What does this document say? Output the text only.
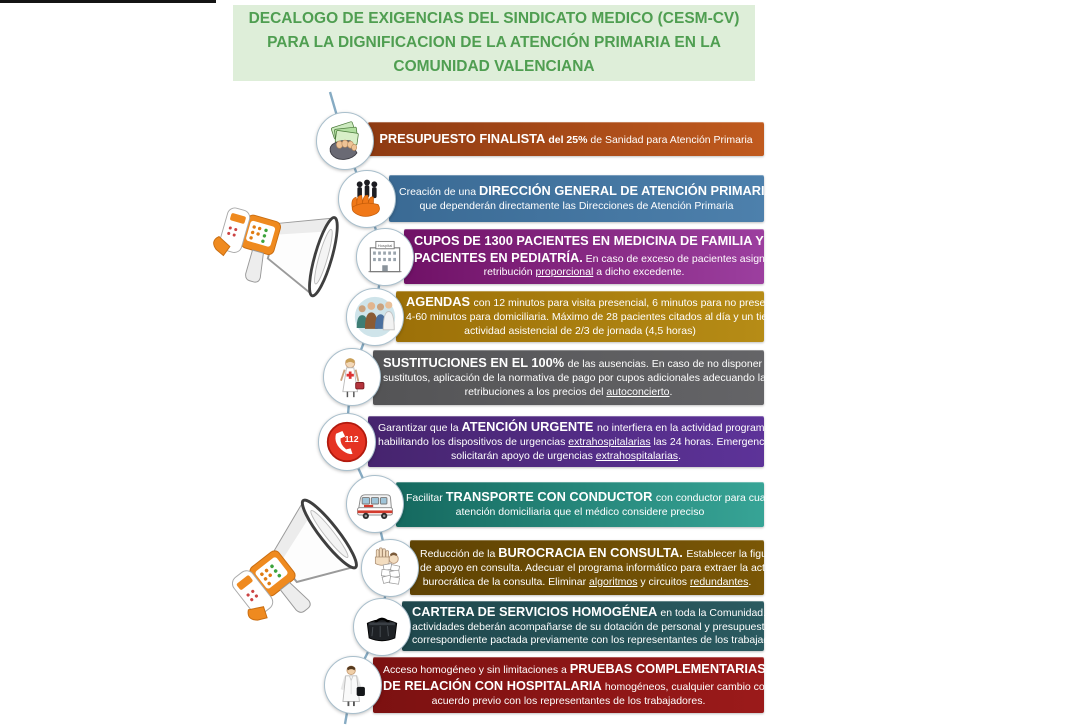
DECALOGO DE EXIGENCIAS DEL SINDICATO MEDICO (CESM-CV)
PARA LA DIGNIFICACION DE LA ATENCIÓN PRIMARIA EN LA
COMUNIDAD VALENCIANA
PRESUPUESTO FINALISTA del 25% de Sanidad para Atención Primaria
Creación de una DIRECCIÓN GENERAL DE ATENCIÓN PRIMARIA de la
que dependerán directamente las Direcciones de Atención Primaria
CUPOS DE 1300 PACIENTES EN MEDICINA DE FAMILIA Y 900
PACIENTES EN PEDIATRÍA. En caso de exceso de pacientes asignados,
retribución proporcional a dicho excedente.
Hospital
AGENDAS con 12 minutos para visita presencial, 6 minutos para no presenciales y
4-60 minutos para domiciliaria. Máximo de 28 pacientes citados al día y un tiempo de
actividad asistencial de 2/3 de jornada (4,5 horas)
SUSTITUCIONES EN EL 100% de las ausencias. En caso de no disponer de
sustitutos, aplicación de la normativa de pago por cupos adicionales adecuando las
retribuciones a los precios del autoconcierto.
Garantizar que la ATENCIÓN URGENTE no interfiera en la actividad programada,
habilitando los dispositivos de urgencias extrahospitalarias las 24 horas. Emergencias y 112
solicitarán apoyo de urgencias extrahospitalarias.
112
Facilitar TRANSPORTE CON CONDUCTOR con conductor para cualquier
atención domiciliaria que el médico considere preciso
Reducción de la BUROCRACIA EN CONSULTA. Establecer la figura del auxiliar
de apoyo en consulta. Adecuar el programa informático para extraer la actividad
burocrática de la consulta. Eliminar algoritmos y circuitos redundantes.
CARTERA DE SERVICIOS HOMOGÉNEA en toda la Comunidad. Todas las
actividades deberán acompañarse de su dotación de personal y presupuestaria
correspondiente pactada previamente con los representantes de los trabajadores.
Acceso homogéneo y sin limitaciones a PRUEBAS COMPLEMENTARIAS. CIRCUITOS
DE RELACIÓN CON HOSPITALARIA homogéneos, cualquier cambio contará con el
acuerdo previo con los representantes de los trabajadores.
